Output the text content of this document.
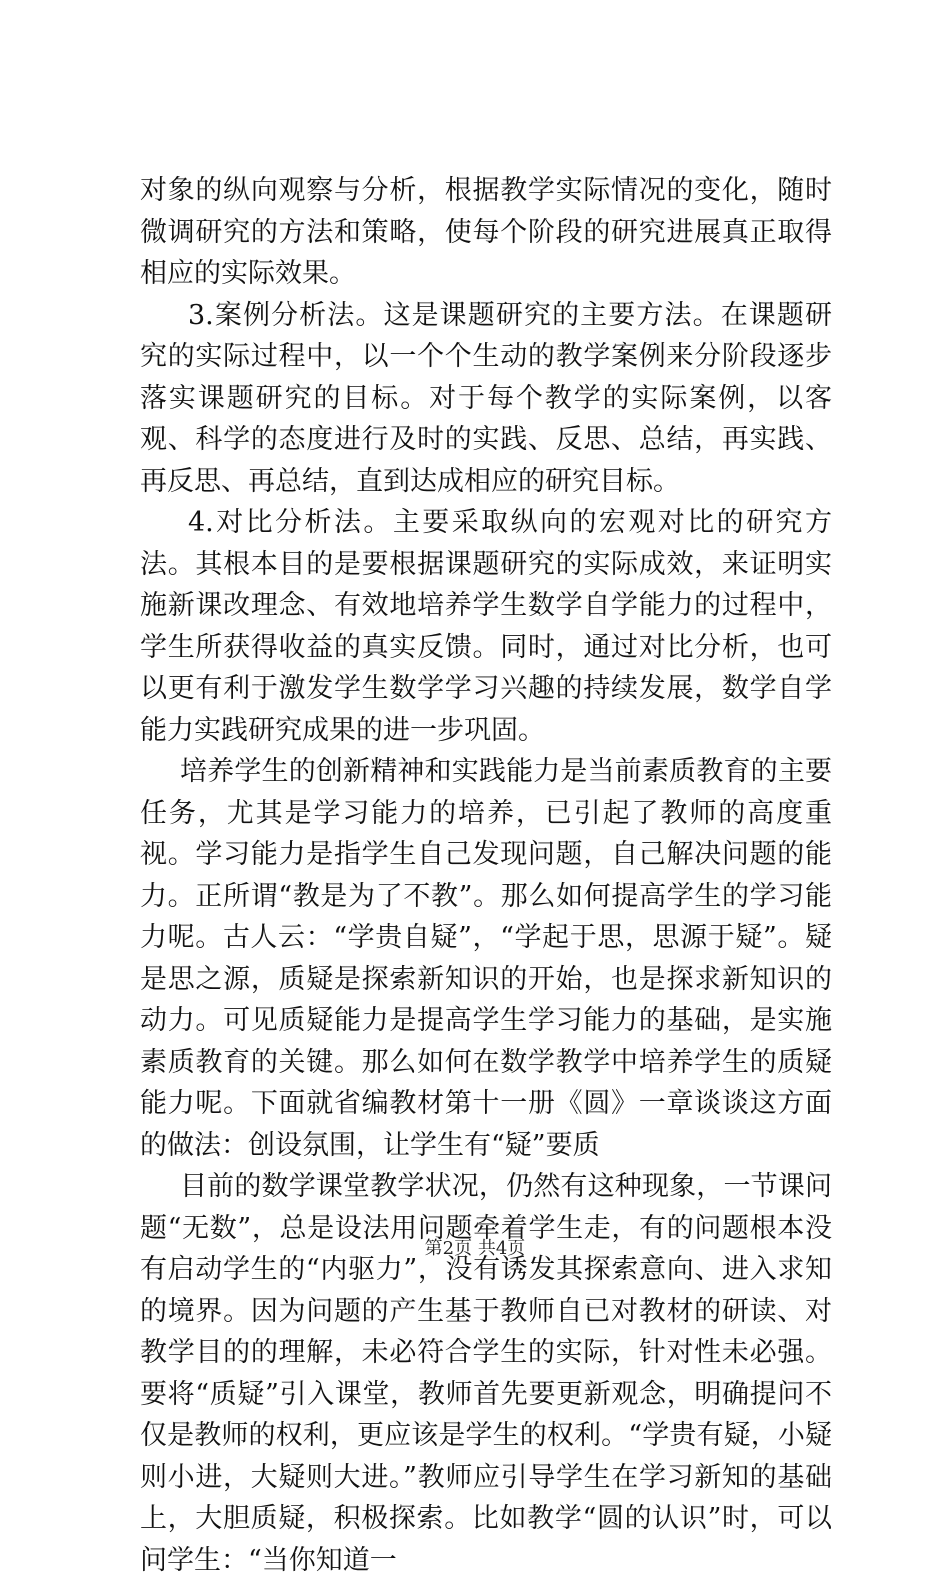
对象的纵向观察与分析，根据教学实际情况的变化，随时微调研究的方法和策略，使每个阶段的研究进展真正取得相应的实际效果。

3.案例分析法。这是课题研究的主要方法。在课题研究的实际过程中，以一个个生动的教学案例来分阶段逐步落实课题研究的目标。对于每个教学的实际案例，以客观、科学的态度进行及时的实践、反思、总结，再实践、再反思、再总结，直到达成相应的研究目标。

4.对比分析法。主要采取纵向的宏观对比的研究方法。其根本目的是要根据课题研究的实际成效，来证明实施新课改理念、有效地培养学生数学自学能力的过程中，学生所获得收益的真实反馈。同时，通过对比分析，也可以更有利于激发学生数学学习兴趣的持续发展，数学自学能力实践研究成果的进一步巩固。

培养学生的创新精神和实践能力是当前素质教育的主要任务，尤其是学习能力的培养，已引起了教师的高度重视。学习能力是指学生自己发现问题，自己解决问题的能力。正所谓“教是为了不教”。那么如何提高学生的学习能力呢。古人云：“学贵自疑”，“学起于思，思源于疑”。疑是思之源，质疑是探索新知识的开始，也是探求新知识的动力。可见质疑能力是提高学生学习能力的基础，是实施素质教育的关键。那么如何在数学教学中培养学生的质疑能力呢。下面就省编教材第十一册《圆》一章谈谈这方面的做法：创设氛围，让学生有“疑”要质

目前的数学课堂教学状况，仍然有这种现象，一节课问题“无数”，总是设法用问题牵着学生走，有的问题根本没有启动学生的“内驱力”，没有诱发其探索意向、进入求知的境界。因为问题的产生基于教师自已对教材的研读、对教学目的的理解，未必符合学生的实际，针对性未必强。要将“质疑”引入课堂，教师首先要更新观念，明确提问不仅是教师的权利，更应该是学生的权利。“学贵有疑，小疑则小进，大疑则大进。”教师应引导学生在学习新知的基础上，大胆质疑，积极探索。比如教学“圆的认识”时，可以问学生：“当你知道一

第2页 共4页
